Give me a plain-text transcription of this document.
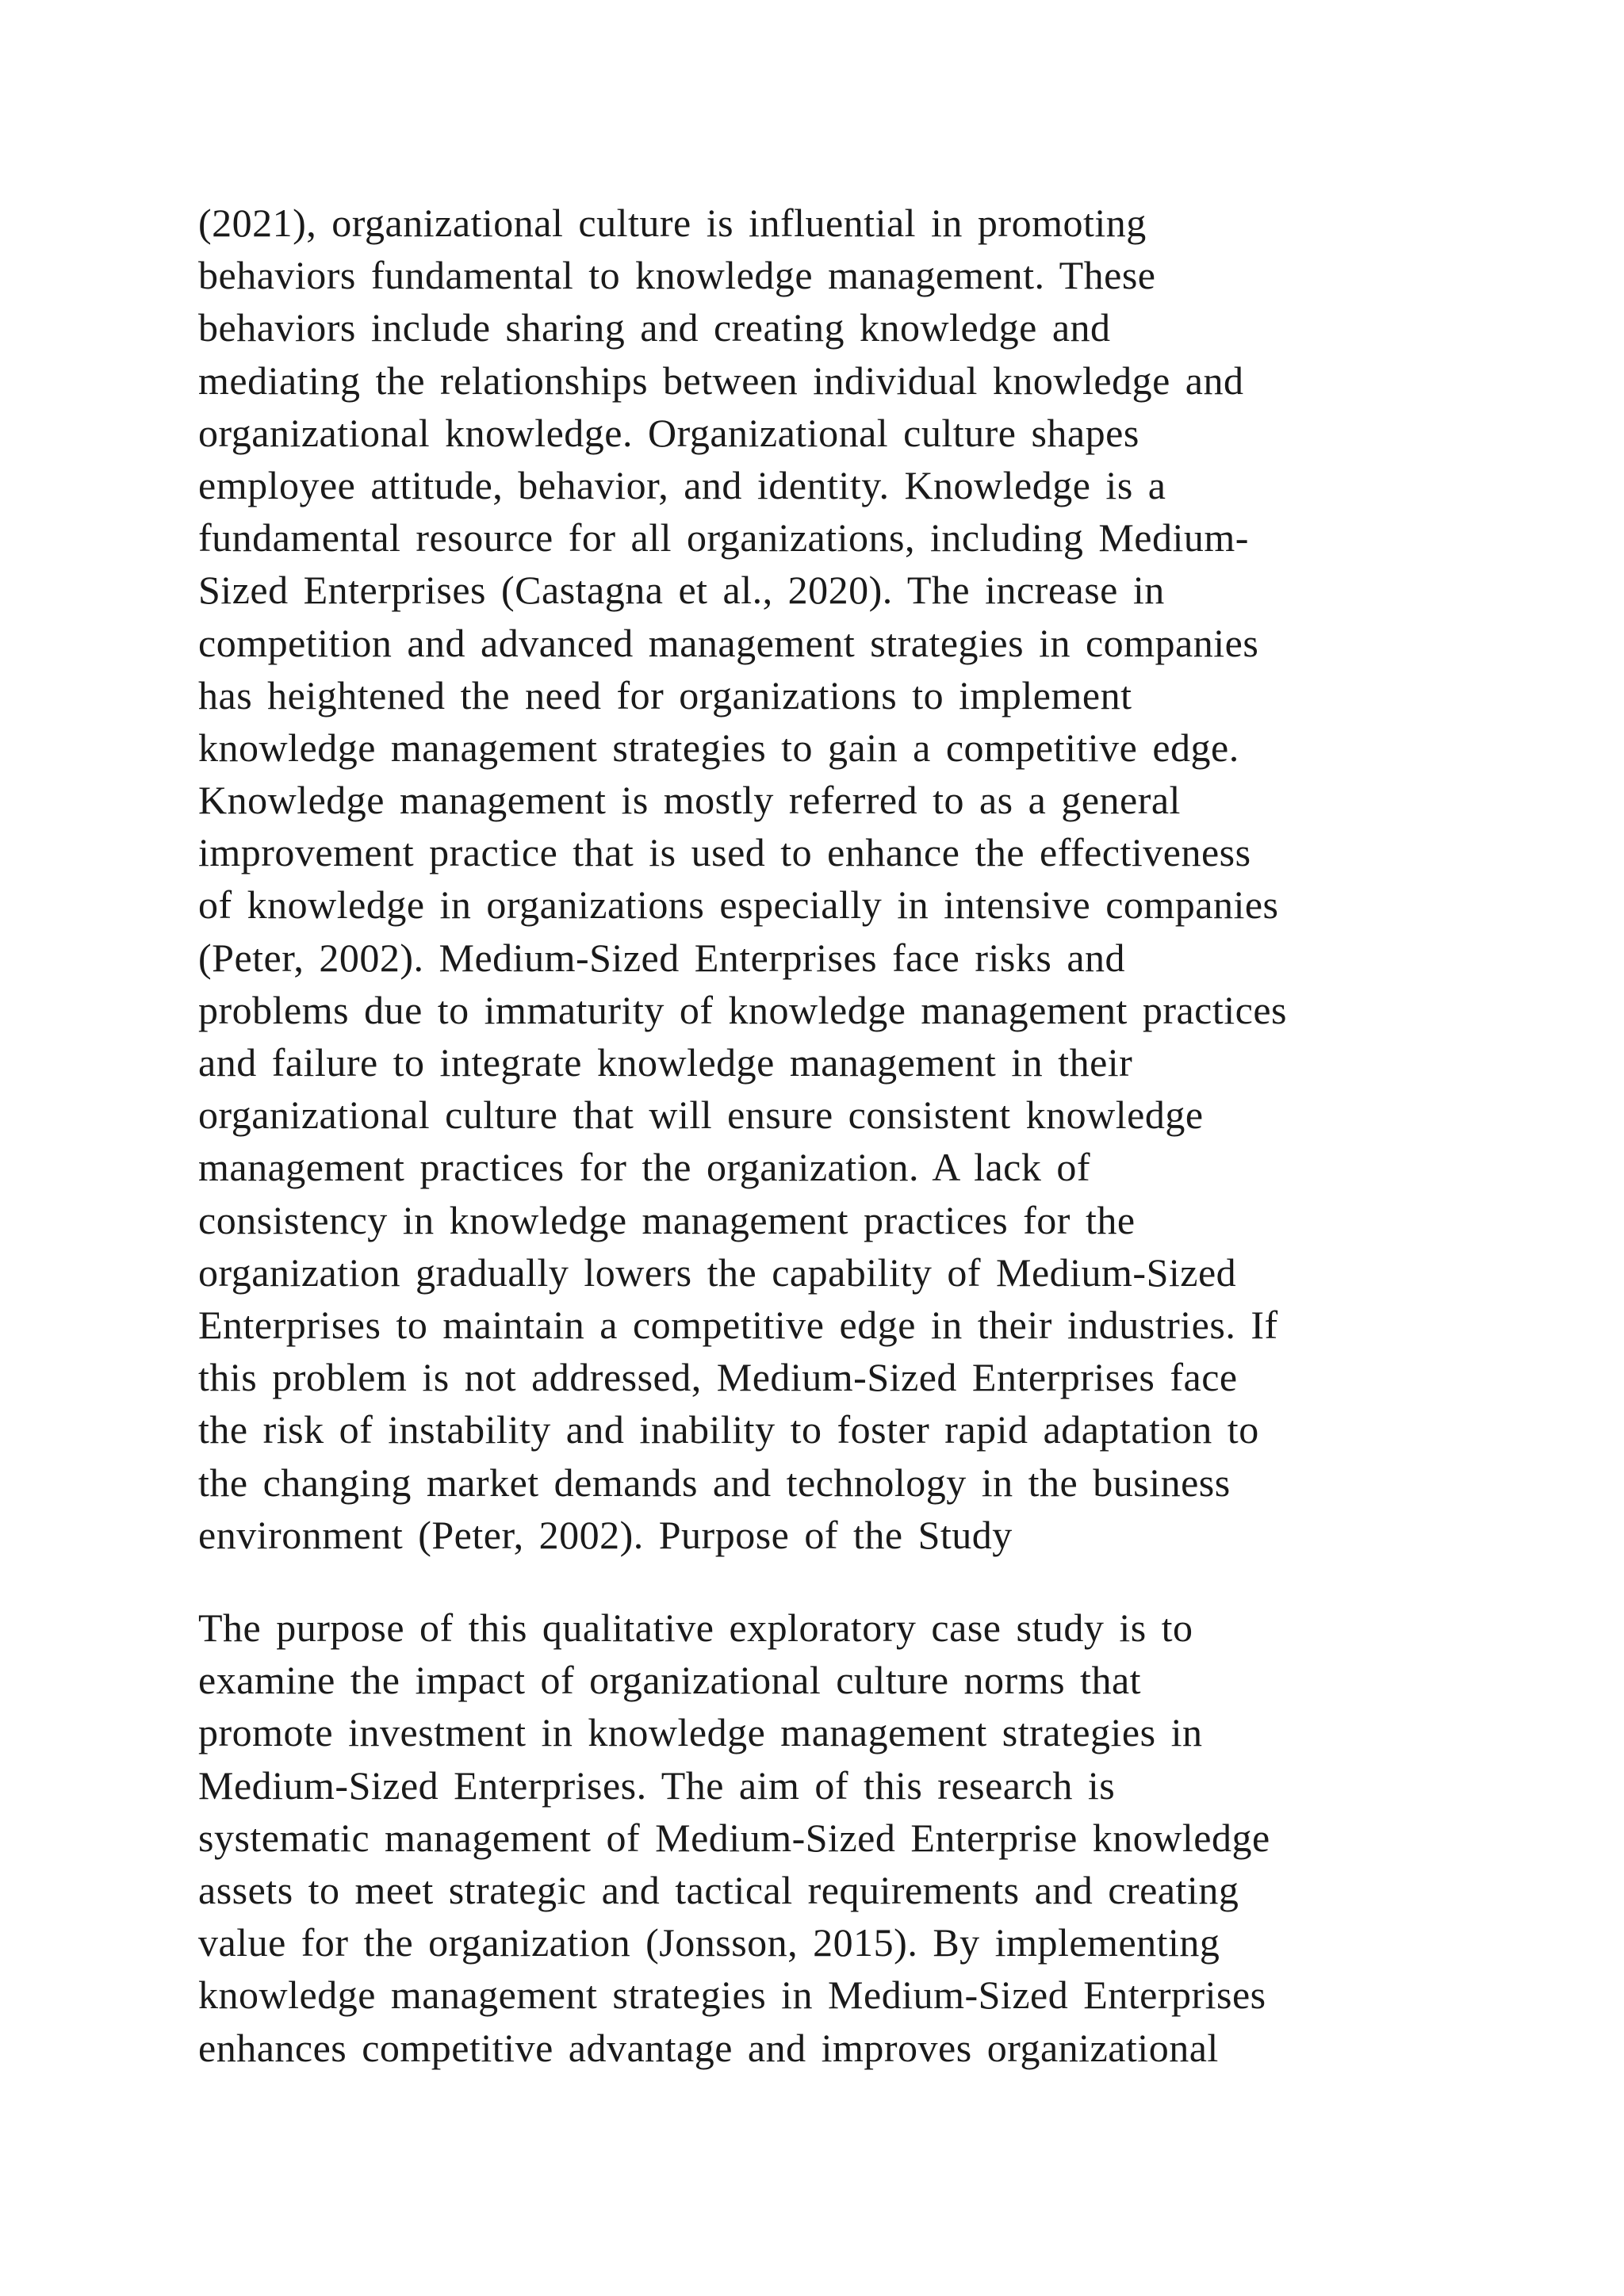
(2021), organizational culture is influential in promoting
behaviors fundamental to knowledge management. These
behaviors include sharing and creating knowledge and
mediating the relationships between individual knowledge and
organizational knowledge. Organizational culture shapes
employee attitude, behavior, and identity. Knowledge is a
fundamental resource for all organizations, including Medium-
Sized Enterprises (Castagna et al., 2020). The increase in
competition and advanced management strategies in companies
has heightened the need for organizations to implement
knowledge management strategies to gain a competitive edge.
Knowledge management is mostly referred to as a general
improvement practice that is used to enhance the effectiveness
of knowledge in organizations especially in intensive companies
(Peter, 2002). Medium-Sized Enterprises face risks and
problems due to immaturity of knowledge management practices
and failure to integrate knowledge management in their
organizational culture that will ensure consistent knowledge
management practices for the organization. A lack of
consistency in knowledge management practices for the
organization gradually lowers the capability of Medium-Sized
Enterprises to maintain a competitive edge in their industries. If
this problem is not addressed, Medium-Sized Enterprises face
the risk of instability and inability to foster rapid adaptation to
the changing market demands and technology in the business
environment (Peter, 2002). Purpose of the Study
The purpose of this qualitative exploratory case study is to
examine the impact of organizational culture norms that
promote investment in knowledge management strategies in
Medium-Sized Enterprises. The aim of this research is
systematic management of Medium-Sized Enterprise knowledge
assets to meet strategic and tactical requirements and creating
value for the organization (Jonsson, 2015). By implementing
knowledge management strategies in Medium-Sized Enterprises
enhances competitive advantage and improves organizational
